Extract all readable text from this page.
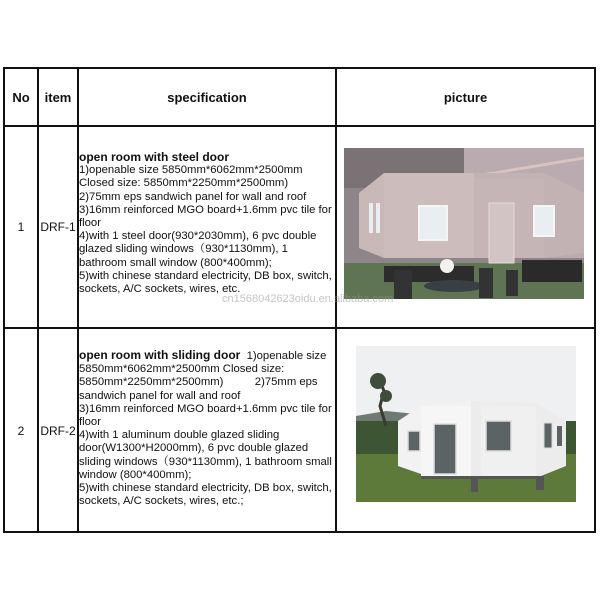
No	item	specification	picture
1	DRF-1
open room with steel door
1)openable size 5850mm*6062mm*2500mm
Closed size: 5850mm*2250mm*2500mm)
2)75mm eps sandwich panel for wall and roof
3)16mm reinforced MGO board+1.6mm pvc tile for
floor
4)with 1 steel door(930*2030mm), 6 pvc double
glazed sliding windows（930*1130mm), 1
bathroom small window (800*400mm);
5)with chinese standard electricity, DB box, switch,
sockets, A/C sockets, wires, etc.
2	DRF-2
open room with sliding door  1)openable size
5850mm*6062mm*2500mm Closed size:
5850mm*2250mm*2500mm)          2)75mm eps
sandwich panel for wall and roof
3)16mm reinforced MGO board+1.6mm pvc tile for
floor
4)with 1 aluminum double glazed sliding
door(W1300*H2000mm), 6 pvc double glazed
sliding windows（930*1130mm), 1 bathroom small
window (800*400mm);
5)with chinese standard electricity, DB box, switch,
sockets, A/C sockets, wires, etc.;
cn1568042623oidu.en.alibaba.com
